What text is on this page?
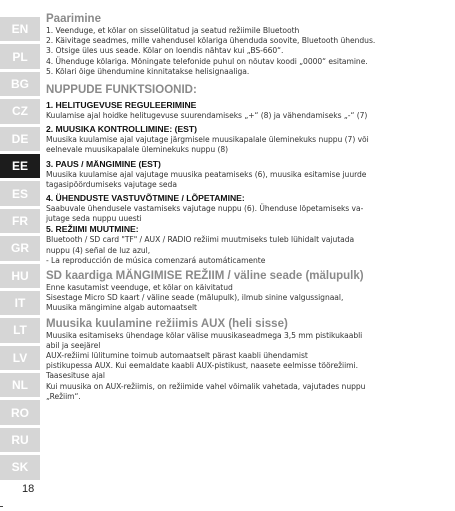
EN
PL
BG
CZ
DE
EE
ES
FR
GR
HU
IT
LT
LV
NL
RO
RU
SK
18
Paarimine

1. Veenduge, et kõlar on sisselülitatud ja seatud režiimile Bluetooth

2. Käivitage seadmes, mille vahendusel kõlariga ühenduda soovite, Bluetooth ühendus.

3. Otsige üles uus seade. Kõlar on loendis nähtav kui „BS-660“.

4. Ühenduge kõlariga. Mõningate telefonide puhul on nõutav koodi „0000“ esitamine.

5. Kõlari õige ühendumine kinnitatakse helisignaaliga.

NUPPUDE FUNKTSIOONID:
1. HELITUGEVUSE REGULEERIMINE

Kuulamise ajal hoidke helitugevuse suurendamiseks „+“ (8) ja vähendamiseks „-“ (7)

2. MUUSIKA KONTROLLIMINE: (EST)

Muusika kuulamise ajal vajutage järgmisele muusikapalale üleminekuks nuppu (7) või

eelnevale muusikapalale üleminekuks nuppu (8)

3. PAUS / MÄNGIMINE (EST)

Muusika kuulamise ajal vajutage muusika peatamiseks (6), muusika esitamise juurde

tagasipöördumiseks vajutage seda

4. ÜHENDUSTE VASTUVÕTMINE / LÕPETAMINE:

Saabuvale ühendusele vastamiseks vajutage nuppu (6). Ühenduse lõpetamiseks va-

jutage seda nuppu uuesti

5. REŽIIMI MUUTMINE:

Bluetooth / SD card "TF" / AUX / RADIO režiimi muutmiseks tuleb lühidalt vajutada

nuppu (4) señal de luz azul,

- La reproducción de música comenzará automáticamente

SD kaardiga MÄNGIMISE REŽIIM / väline seade (mälupulk)

Enne kasutamist veenduge, et kõlar on käivitatud

Sisestage Micro SD kaart / väline seade (mälupulk), ilmub sinine valgussignaal,

Muusika mängimine algab automaatselt

Muusika kuulamine režiimis AUX (heli sisse)

Muusika esitamiseks ühendage kõlar välise muusikaseadmega 3,5 mm pistikukaabli

abil ja seejärel

AUX-režiimi lülitumine toimub automaatselt pärast kaabli ühendamist

pistikupessa AUX. Kui eemaldate kaabli AUX-pistikust, naasete eelmisse töörežiimi.

Taasesituse ajal

Kui muusika on AUX-režiimis, on režiimide vahel võimalik vahetada, vajutades nuppu

„Režiim“.
